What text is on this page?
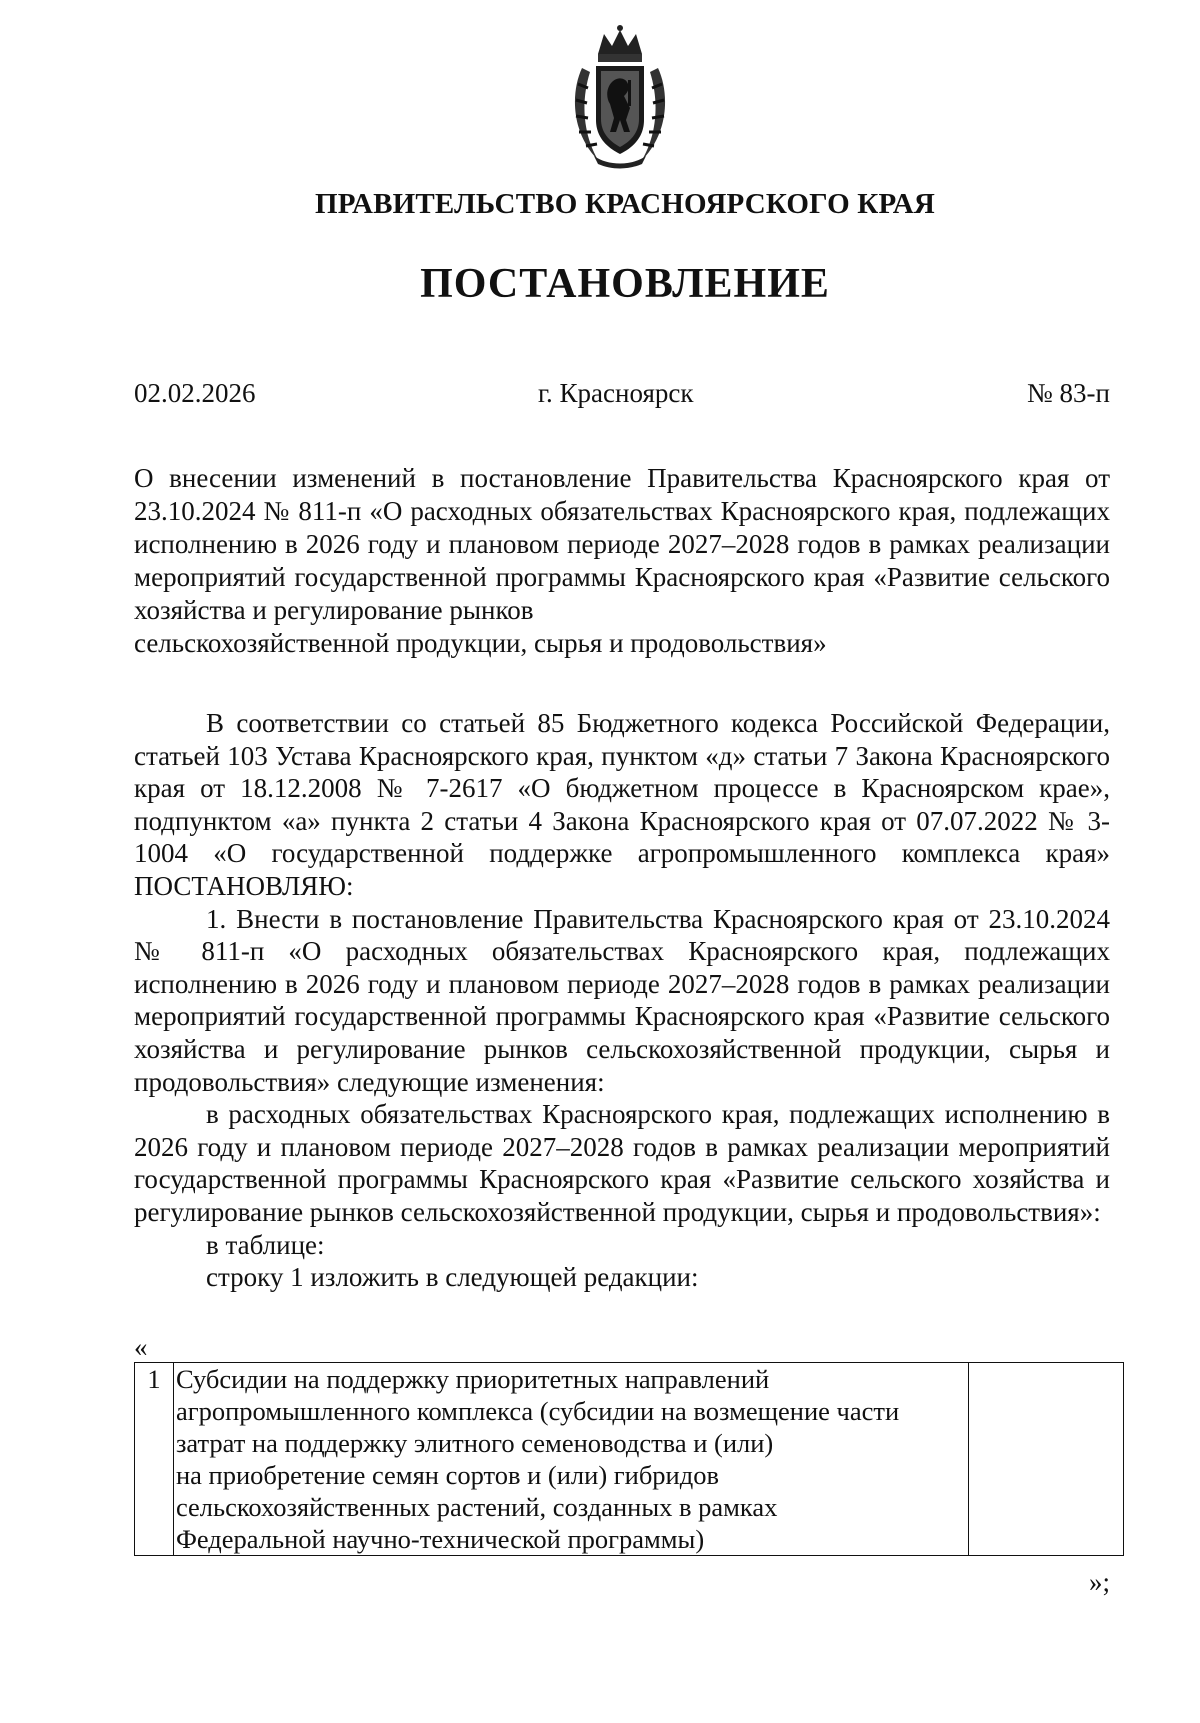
ПРАВИТЕЛЬСТВО КРАСНОЯРСКОГО КРАЯ
ПОСТАНОВЛЕНИЕ
02.02.2026	г. Красноярск	№ 83-п
О внесении изменений в постановление Правительства Красноярского края от 23.10.2024 № 811-п «О расходных обязательствах Красноярского края, подлежащих исполнению в 2026 году и плановом периоде 2027–2028 годов в рамках реализации мероприятий государственной программы Красноярского края «Развитие сельского хозяйства и регулирование рынков
сельскохозяйственной продукции, сырья и продовольствия»

В соответствии со статьей 85 Бюджетного кодекса Российской Федерации, статьей 103 Устава Красноярского края, пунктом «д» статьи 7 Закона Красноярского края от 18.12.2008 № 7-2617 «О бюджетном процессе в Красноярском крае», подпунктом «а» пункта 2 статьи 4 Закона Красноярского края от 07.07.2022 № 3-1004 «О государственной поддержке агропромышленного комплекса края» ПОСТАНОВЛЯЮ:

1. Внести в постановление Правительства Красноярского края от 23.10.2024 № 811-п «О расходных обязательствах Красноярского края, подлежащих исполнению в 2026 году и плановом периоде 2027–2028 годов в рамках реализации мероприятий государственной программы Красноярского края «Развитие сельского хозяйства и регулирование рынков сельскохозяйственной продукции, сырья и продовольствия» следующие изменения:

в расходных обязательствах Красноярского края, подлежащих исполнению в 2026 году и плановом периоде 2027–2028 годов в рамках реализации мероприятий государственной программы Красноярского края «Развитие сельского хозяйства и регулирование рынков сельскохозяйственной продукции, сырья и продовольствия»:

в таблице:

строку 1 изложить в следующей редакции:

«
1	Субсидии на поддержку приоритетных направлений
агропромышленного комплекса (субсидии на возмещение части
затрат на поддержку элитного семеноводства и (или)
на приобретение семян сортов и (или) гибридов
сельскохозяйственных растений, созданных в рамках
Федеральной научно-технической программы)

»;
